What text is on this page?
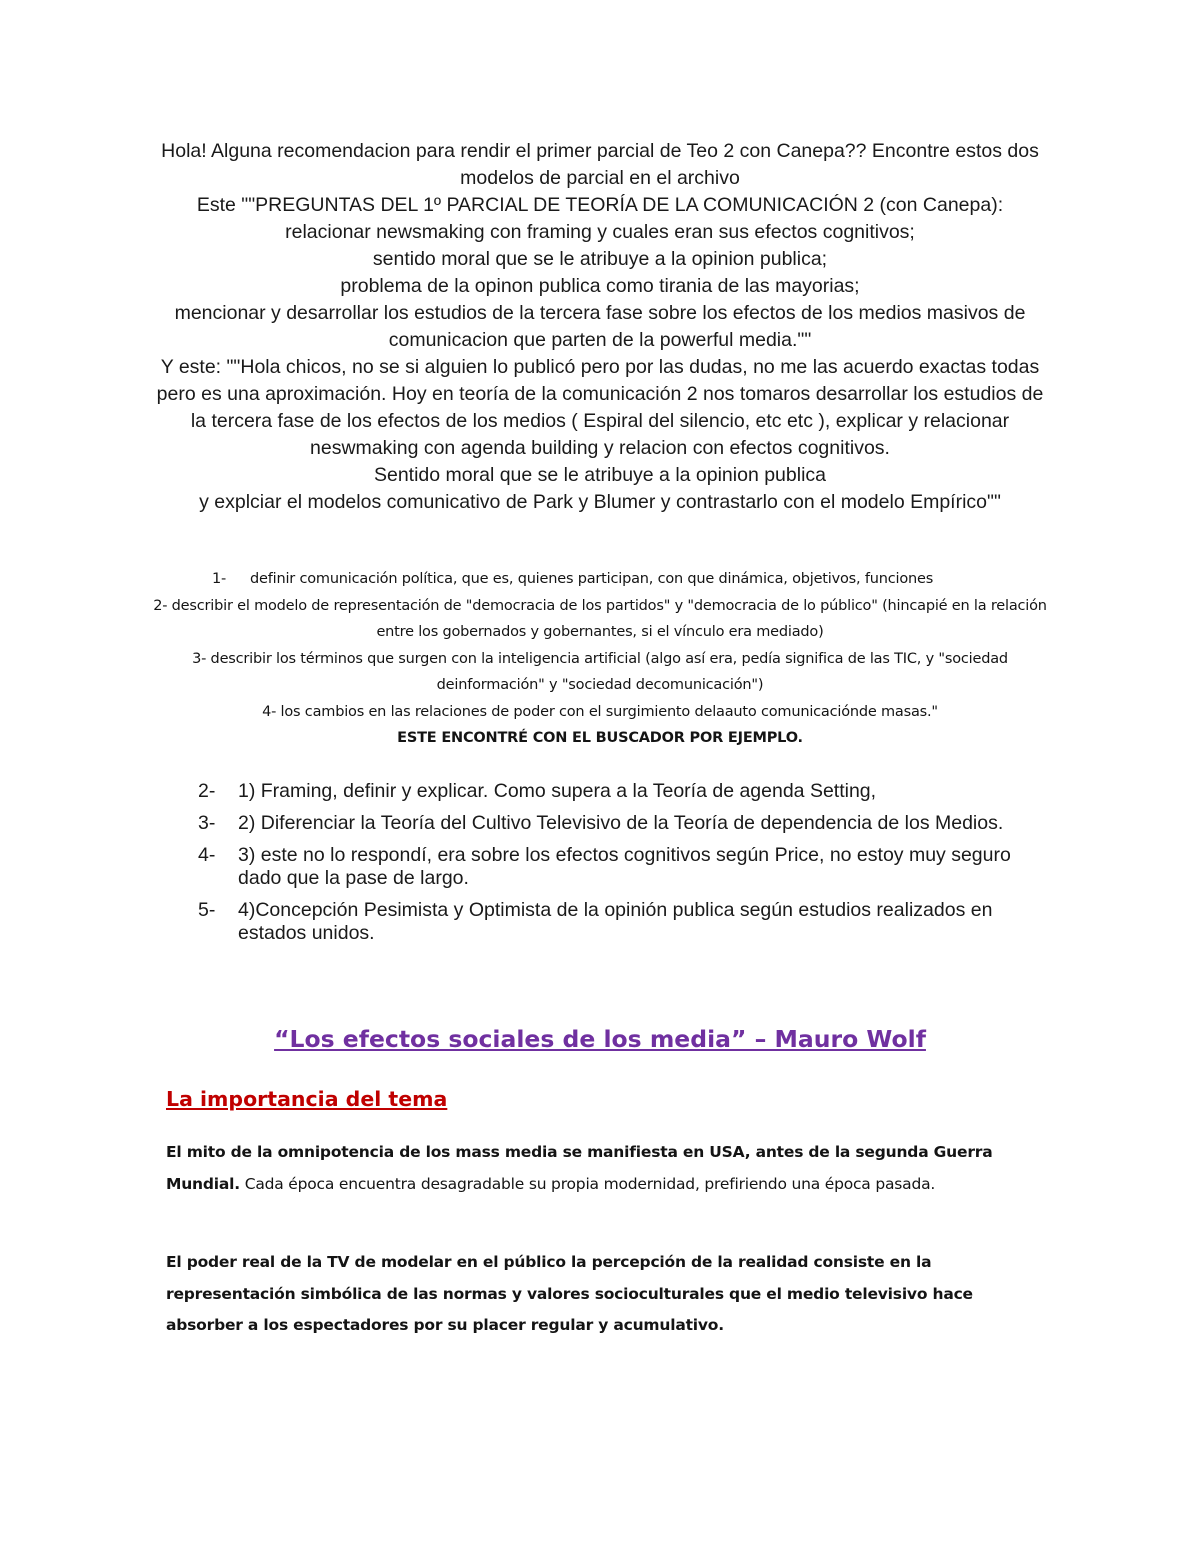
Hola! Alguna recomendacion para rendir el primer parcial de Teo 2 con Canepa?? Encontre estos dos modelos de parcial en el archivo

Este ""PREGUNTAS DEL 1º PARCIAL DE TEORÍA DE LA COMUNICACIÓN 2 (con Canepa):

relacionar newsmaking con framing y cuales eran sus efectos cognitivos;

sentido moral que se le atribuye a la opinion publica;

problema de la opinon publica como tirania de las mayorias;

mencionar y desarrollar los estudios de la tercera fase sobre los efectos de los medios masivos de comunicacion que parten de la powerful media.""

Y este: ""Hola chicos, no se si alguien lo publicó pero por las dudas, no me las acuerdo exactas todas pero es una aproximación. Hoy en teoría de la comunicación 2 nos tomaros desarrollar los estudios de la tercera fase de los efectos de los medios ( Espiral del silencio, etc etc ), explicar y relacionar neswmaking con agenda building y relacion con efectos cognitivos.

Sentido moral que se le atribuye a la opinion publica

y explciar el modelos comunicativo de Park y Blumer y contrastarlo con el modelo Empírico""

1- definir comunicación política, que es, quienes participan, con que dinámica, objetivos, funciones

2- describir el modelo de representación de "democracia de los partidos" y "democracia de lo público" (hincapié en la relación entre los gobernados y gobernantes, si el vínculo era mediado)

3- describir los términos que surgen con la inteligencia artificial (algo así era, pedía significa de las TIC, y "sociedad deinformación" y "sociedad decomunicación")

4- los cambios en las relaciones de poder con el surgimiento delaauto comunicaciónde masas."

ESTE ENCONTRÉ CON EL BUSCADOR POR EJEMPLO.

2-	1) Framing, definir y explicar. Como supera a la Teoría de agenda Setting,
3-	2) Diferenciar la Teoría del Cultivo Televisivo de la Teoría de dependencia de los Medios.
4-	3) este no lo respondí, era sobre los efectos cognitivos según Price, no estoy muy seguro dado que la pase de largo.
5-	4)Concepción Pesimista y Optimista de la opinión publica según estudios realizados en estados unidos.
“Los efectos sociales de los media” – Mauro Wolf
La importancia del tema

El mito de la omnipotencia de los mass media se manifiesta en USA, antes de la segunda Guerra Mundial. Cada época encuentra desagradable su propia modernidad, prefiriendo una época pasada.

El poder real de la TV de modelar en el público la percepción de la realidad consiste en la representación simbólica de las normas y valores socioculturales que el medio televisivo hace absorber a los espectadores por su placer regular y acumulativo.
